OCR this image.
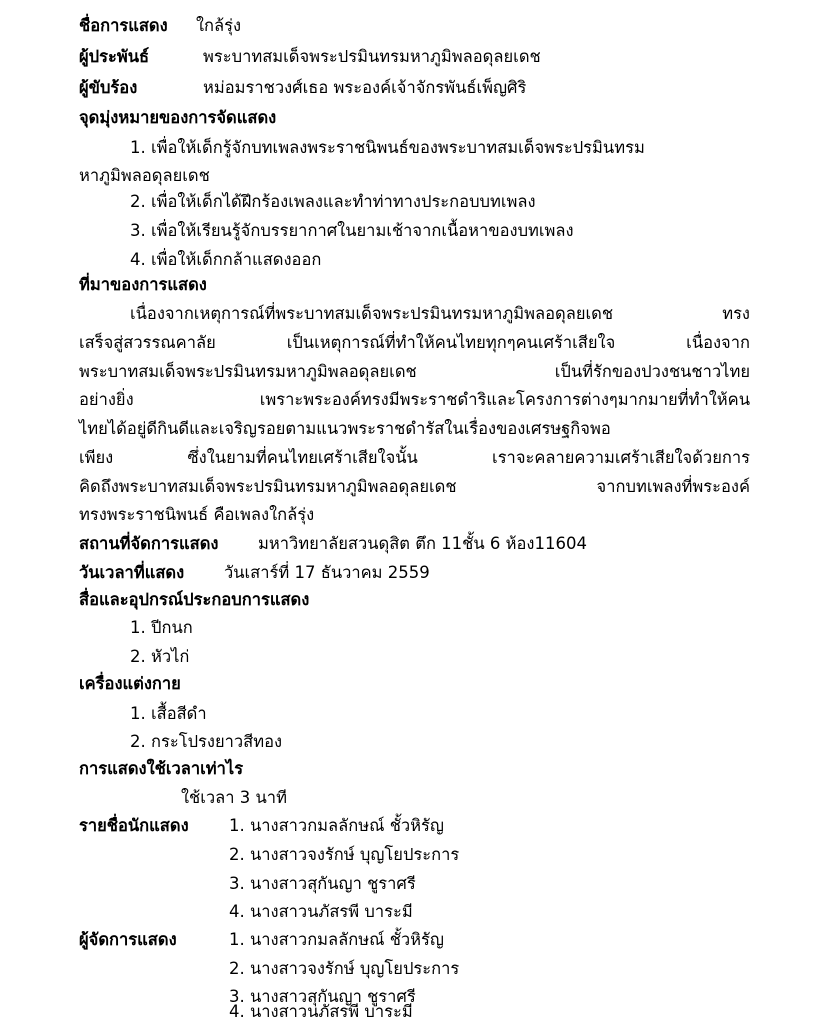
ชื่อการแสดง ใกล้รุ่ง
ผู้ประพันธ์	พระบาทสมเด็จพระปรมินทรมหาภูมิพลอดุลยเดช
ผู้ขับร้อง	หม่อมราชวงศ์เธอ พระองค์เจ้าจักรพันธ์เพ็ญศิริ
จุดมุ่งหมายของการจัดแสดง
1. เพื่อให้เด็กรู้จักบทเพลงพระราชนิพนธ์ของพระบาทสมเด็จพระปรมินทรม
หาภูมิพลอดุลยเดช
2. เพื่อให้เด็กได้ฝึกร้องเพลงและทำท่าทางประกอบบทเพลง
3. เพื่อให้เรียนรู้จักบรรยากาศในยามเช้าจากเนื้อหาของบทเพลง
4. เพื่อให้เด็กกล้าแสดงออก
ที่มาของการแสดง
เนื่องจากเหตุการณ์ที่พระบาทสมเด็จพระปรมินทรมหาภูมิพลอดุลยเดช ทรง
เสร็จสู่สวรรณคาลัย เป็นเหตุการณ์ที่ทำให้คนไทยทุกๆคนเศร้าเสียใจ เนื่องจาก
พระบาทสมเด็จพระปรมินทรมหาภูมิพลอดุลยเดช เป็นที่รักของปวงชนชาวไทย
อย่างยิ่ง เพราะพระองค์ทรงมีพระราชดำริและโครงการต่างๆมากมายที่ทำให้คน
ไทยได้อยู่ดีกินดีและเจริญรอยตามแนวพระราชดำรัสในเรื่องของเศรษฐกิจพอ
เพียง ซึ่งในยามที่คนไทยเศร้าเสียใจนั้น เราจะคลายความเศร้าเสียใจด้วยการ
คิดถึงพระบาทสมเด็จพระปรมินทรมหาภูมิพลอดุลยเดช จากบทเพลงที่พระองค์
ทรงพระราชนิพนธ์ คือเพลงใกล้รุ่ง
สถานที่จัดการแสดง มหาวิทยาลัยสวนดุสิต ตึก 11ชั้น 6 ห้อง11604
วันเวลาที่แสดง วันเสาร์ที่ 17 ธันวาคม 2559
สื่อและอุปกรณ์ประกอบการแสดง
1. ปีกนก
2. หัวไก่
เครื่องแต่งกาย
1. เสื้อสีดำ
2. กระโปรงยาวสีทอง
การแสดงใช้เวลาเท่าไร
ใช้เวลา 3 นาที
รายชื่อนักแสดง 1. นางสาวกมลลักษณ์ ชั้วหิรัญ
2. นางสาวจงรักษ์ บุญโยประการ
3. นางสาวสุกันญา ชูราศรี
4. นางสาวนภัสรพี บาระมี
ผู้จัดการแสดง	1. นางสาวกมลลักษณ์ ชั้วหิรัญ
2. นางสาวจงรักษ์ บุญโยประการ
3. นางสาวสุกันญา ชูราศรี
4. นางสาวนภัสรพี บาระมี
